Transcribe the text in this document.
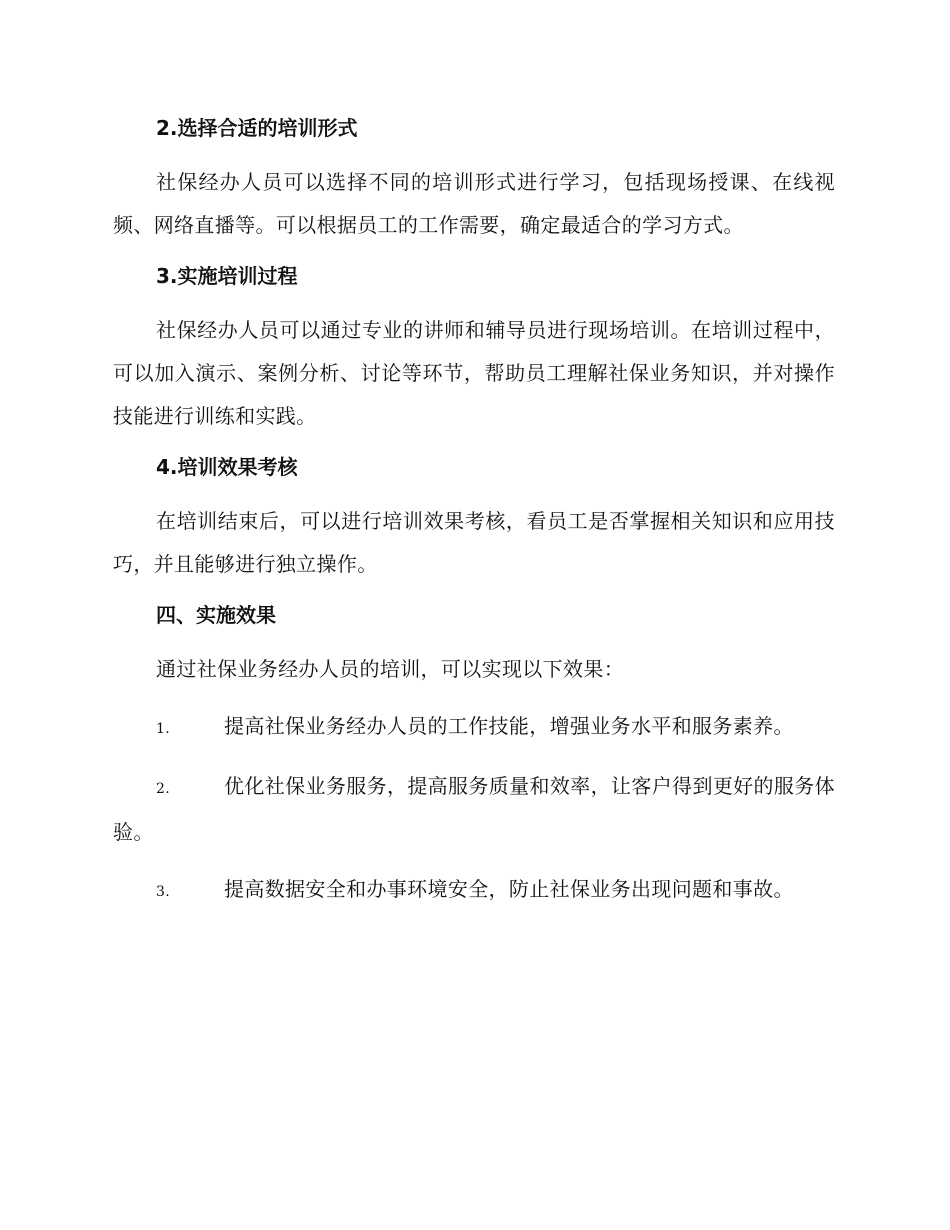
2.选择合适的培训形式

社保经办人员可以选择不同的培训形式进行学习，包括现场授课、在线视频、网络直播等。可以根据员工的工作需要，确定最适合的学习方式。

3.实施培训过程

社保经办人员可以通过专业的讲师和辅导员进行现场培训。在培训过程中，可以加入演示、案例分析、讨论等环节，帮助员工理解社保业务知识，并对操作技能进行训练和实践。

4.培训效果考核

在培训结束后，可以进行培训效果考核，看员工是否掌握相关知识和应用技巧，并且能够进行独立操作。

四、实施效果

通过社保业务经办人员的培训，可以实现以下效果：

1.	提高社保业务经办人员的工作技能，增强业务水平和服务素养。

2.	优化社保业务服务，提高服务质量和效率，让客户得到更好的服务体验。

3.	提高数据安全和办事环境安全，防止社保业务出现问题和事故。
